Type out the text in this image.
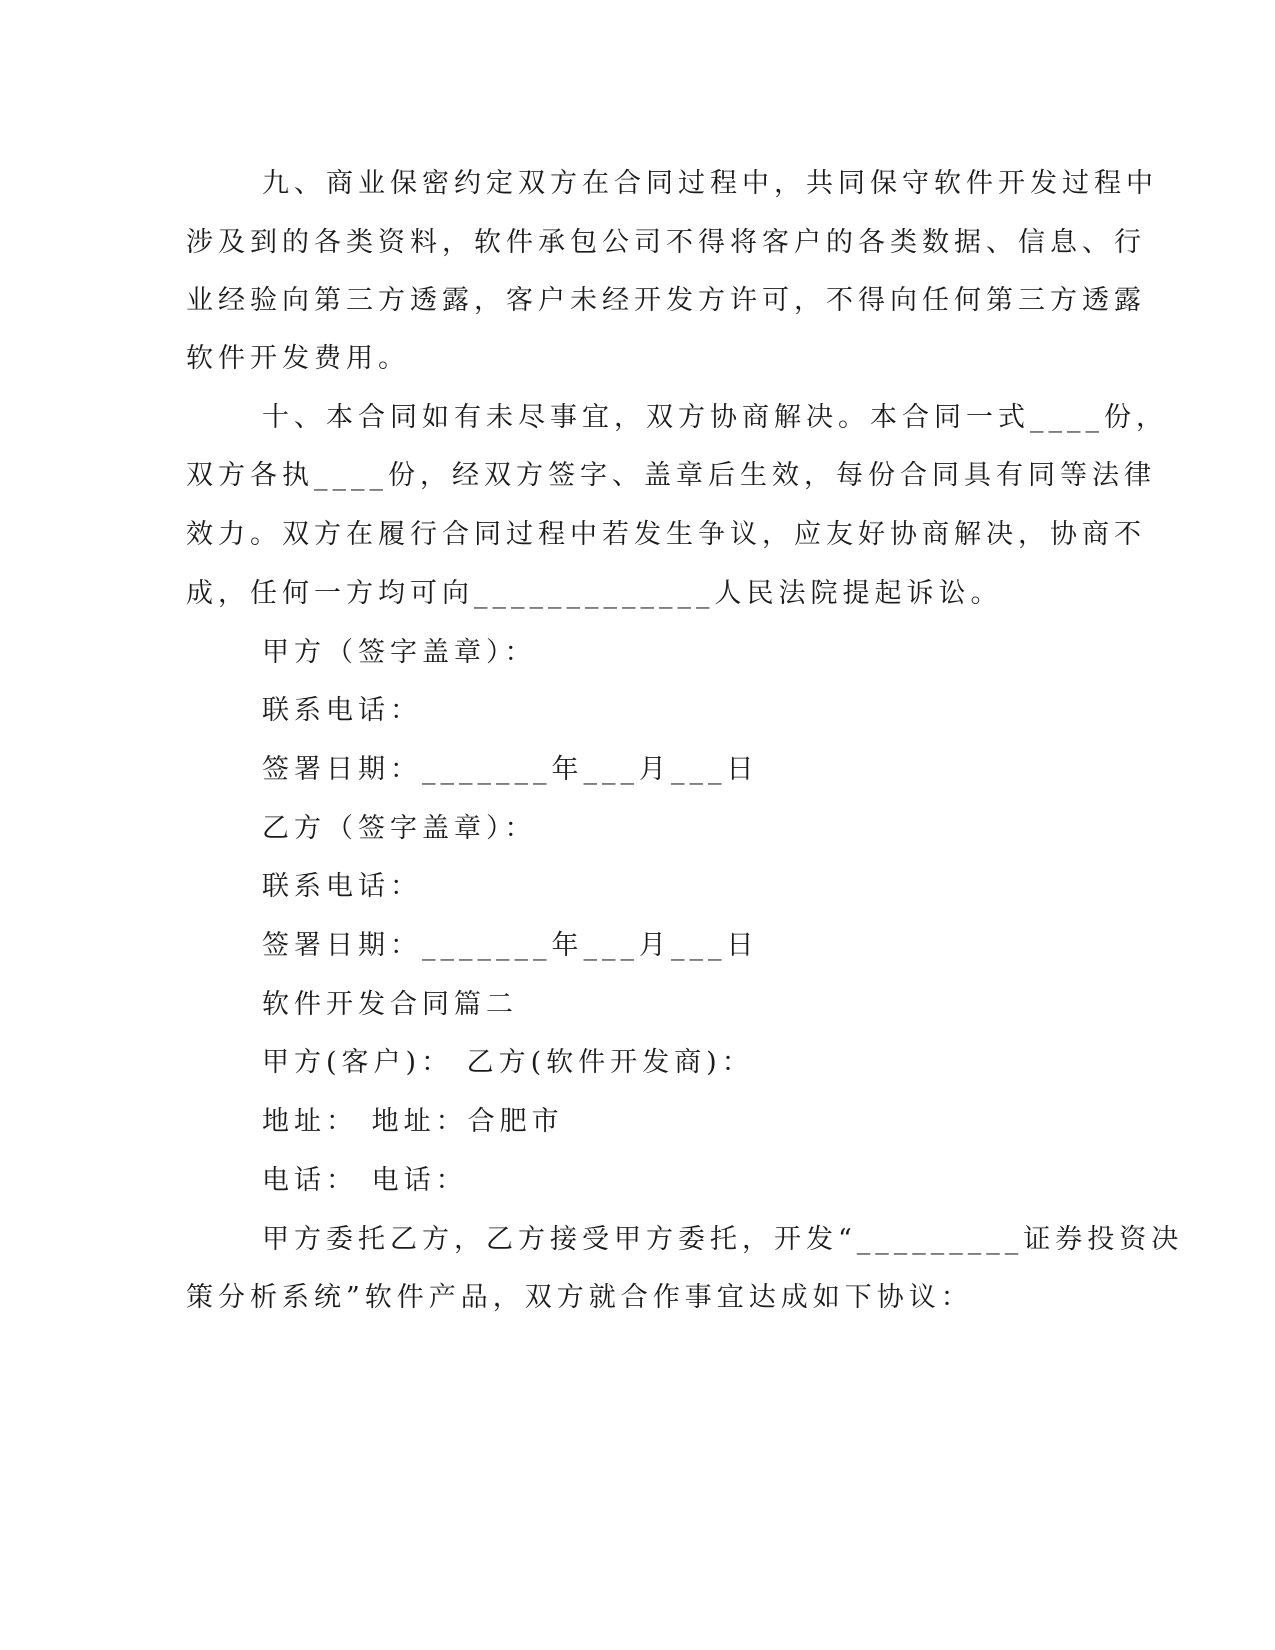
九、商业保密约定双方在合同过程中，共同保守软件开发过程中
涉及到的各类资料，软件承包公司不得将客户的各类数据、信息、行
业经验向第三方透露，客户未经开发方许可，不得向任何第三方透露
软件开发费用。
十、本合同如有未尽事宜，双方协商解决。本合同一式____份，
双方各执____份，经双方签字、盖章后生效，每份合同具有同等法律
效力。双方在履行合同过程中若发生争议，应友好协商解决，协商不
成，任何一方均可向_____________人民法院提起诉讼。
甲方（签字盖章）：
联系电话：
签署日期：_______年___月___日
乙方（签字盖章）：
联系电话：
签署日期：_______年___月___日
软件开发合同篇二
甲方(客户)： 乙方(软件开发商)：
地址： 地址：合肥市
电话： 电话：
甲方委托乙方，乙方接受甲方委托，开发“_________证券投资决
策分析系统”软件产品，双方就合作事宜达成如下协议：
